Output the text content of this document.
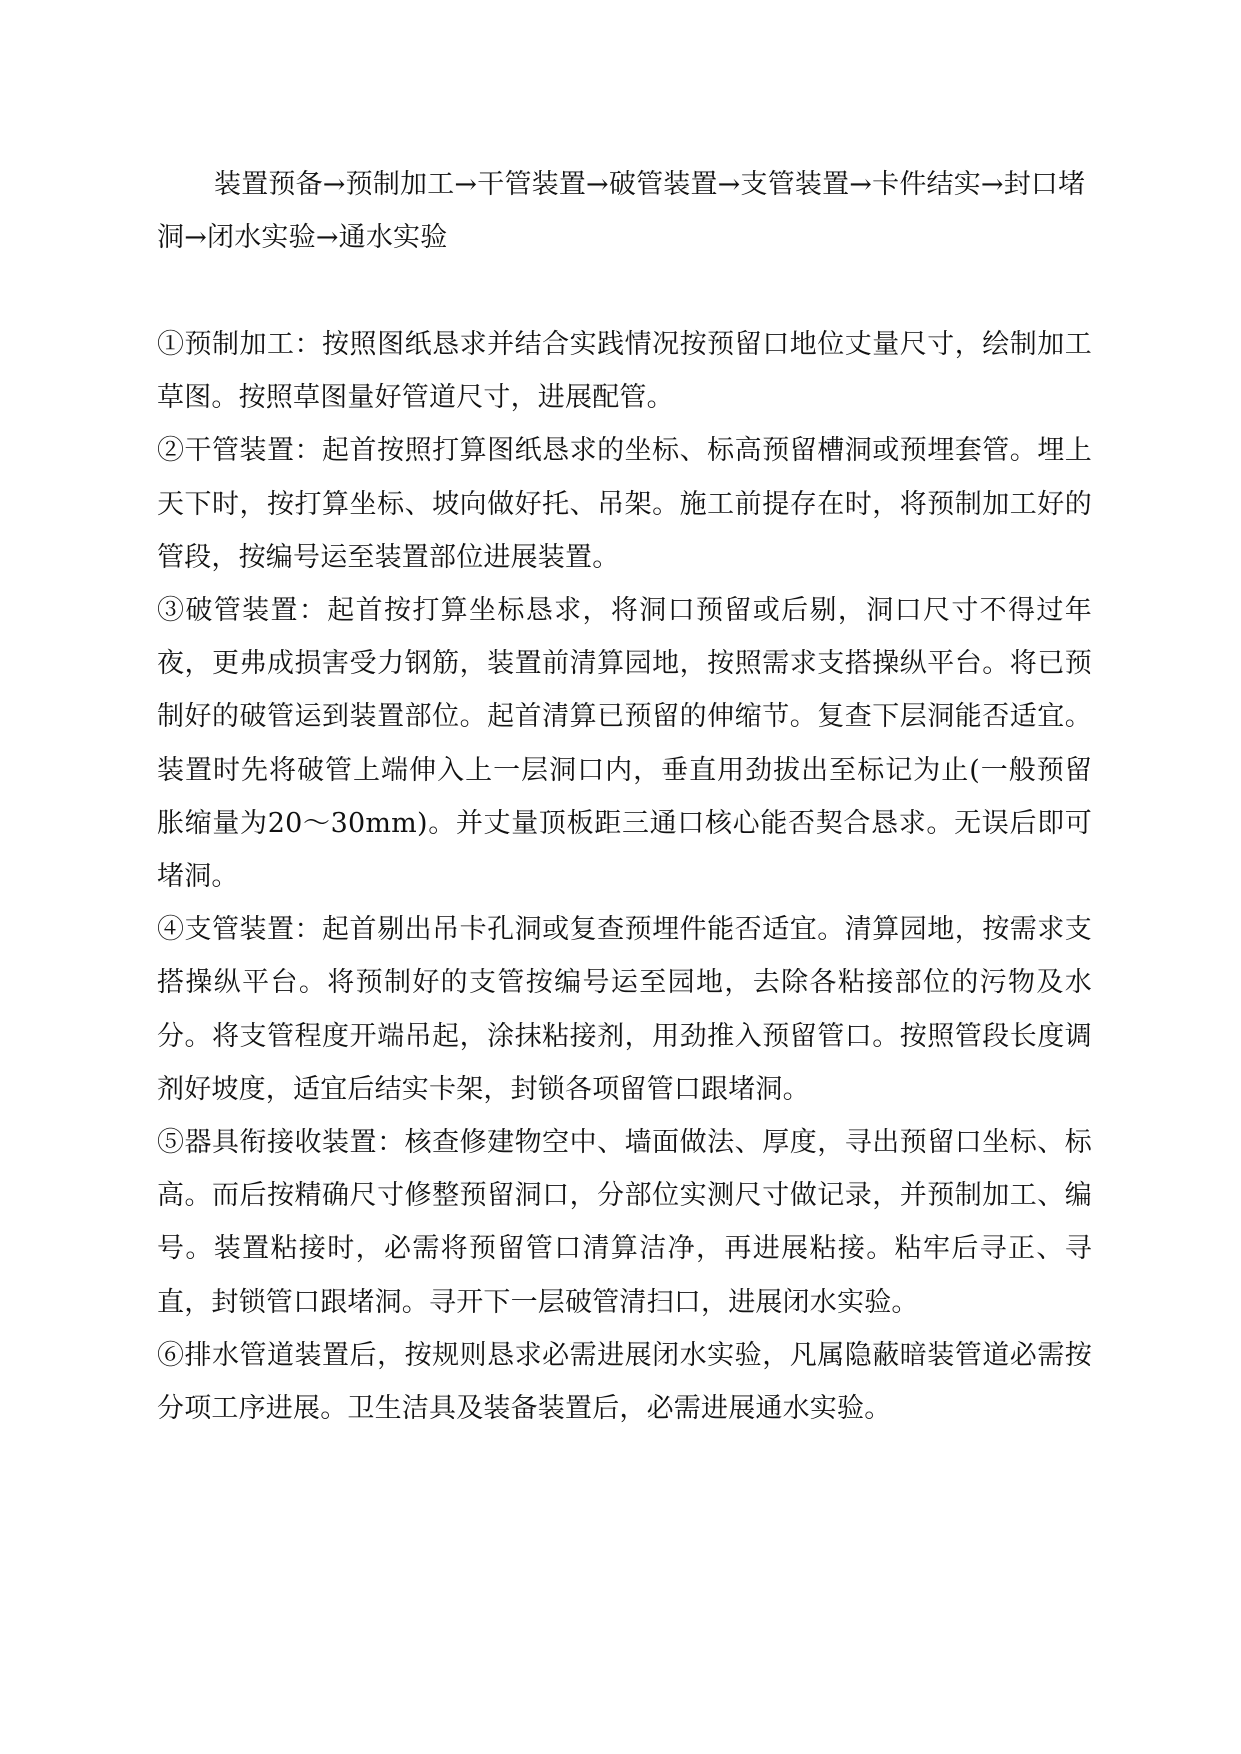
装置预备→预制加工→干管装置→破管装置→支管装置→卡件结实→封口堵洞→闭水实验→通水实验

①预制加工：按照图纸恳求并结合实践情况按预留口地位丈量尺寸，绘制加工草图。按照草图量好管道尺寸，进展配管。

②干管装置：起首按照打算图纸恳求的坐标、标高预留槽洞或预埋套管。埋上天下时，按打算坐标、坡向做好托、吊架。施工前提存在时，将预制加工好的管段，按编号运至装置部位进展装置。

③破管装置：起首按打算坐标恳求，将洞口预留或后剔，洞口尺寸不得过年夜，更弗成损害受力钢筋，装置前清算园地，按照需求支搭操纵平台。将已预制好的破管运到装置部位。起首清算已预留的伸缩节。复查下层洞能否适宜。装置时先将破管上端伸入上一层洞口内，垂直用劲拔出至标记为止(一般预留胀缩量为20～30mm)。并丈量顶板距三通口核心能否契合恳求。无误后即可堵洞。

④支管装置：起首剔出吊卡孔洞或复查预埋件能否适宜。清算园地，按需求支搭操纵平台。将预制好的支管按编号运至园地，去除各粘接部位的污物及水分。将支管程度开端吊起，涂抹粘接剂，用劲推入预留管口。按照管段长度调剂好坡度，适宜后结实卡架，封锁各项留管口跟堵洞。

⑤器具衔接收装置：核查修建物空中、墙面做法、厚度，寻出预留口坐标、标高。而后按精确尺寸修整预留洞口，分部位实测尺寸做记录，并预制加工、编号。装置粘接时，必需将预留管口清算洁净，再进展粘接。粘牢后寻正、寻直，封锁管口跟堵洞。寻开下一层破管清扫口，进展闭水实验。

⑥排水管道装置后，按规则恳求必需进展闭水实验，凡属隐蔽暗装管道必需按分项工序进展。卫生洁具及装备装置后，必需进展通水实验。
